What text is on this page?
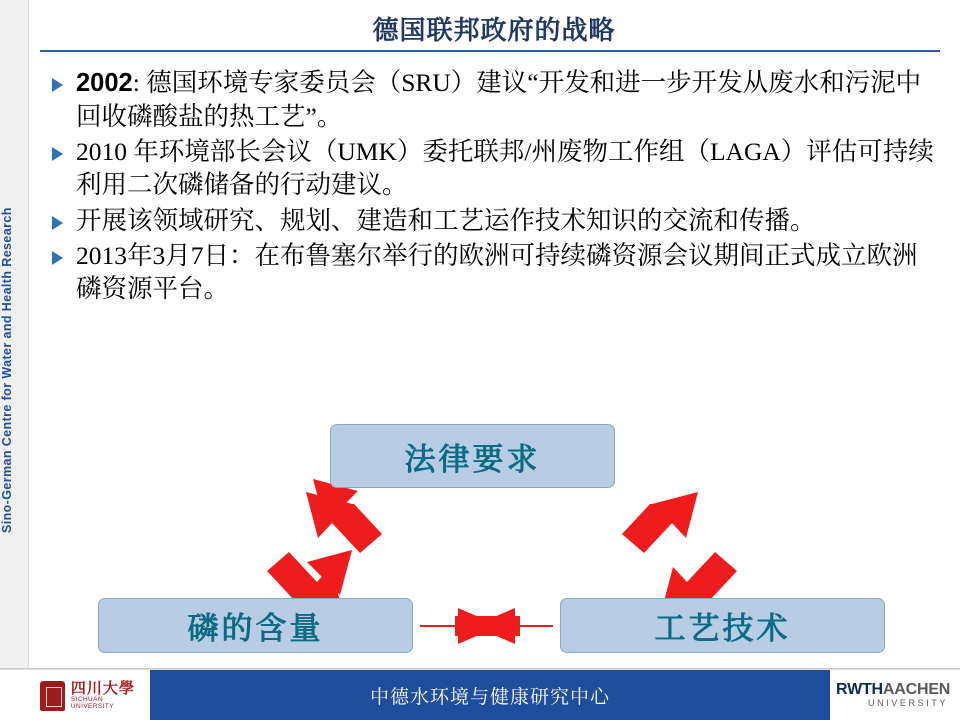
Sino-German Centre for Water and Health Research
德国联邦政府的战略
2002: 德国环境专家委员会（SRU）建议“开发和进一步开发从废水和污泥中回收磷酸盐的热工艺”。
2010 年环境部长会议（UMK）委托联邦/州废物工作组（LAGA）评估可持续利用二次磷储备的行动建议。
开展该领域研究、规划、建造和工艺运作技术知识的交流和传播。
2013年3月7日：在布鲁塞尔举行的欧洲可持续磷资源会议期间正式成立欧洲磷资源平台。
法律要求
磷的含量	工艺技术
四川大學
SICHUAN UNIVERSITY	中德水环境与健康研究中心	RWTHAACHEN
UNIVERSITY
